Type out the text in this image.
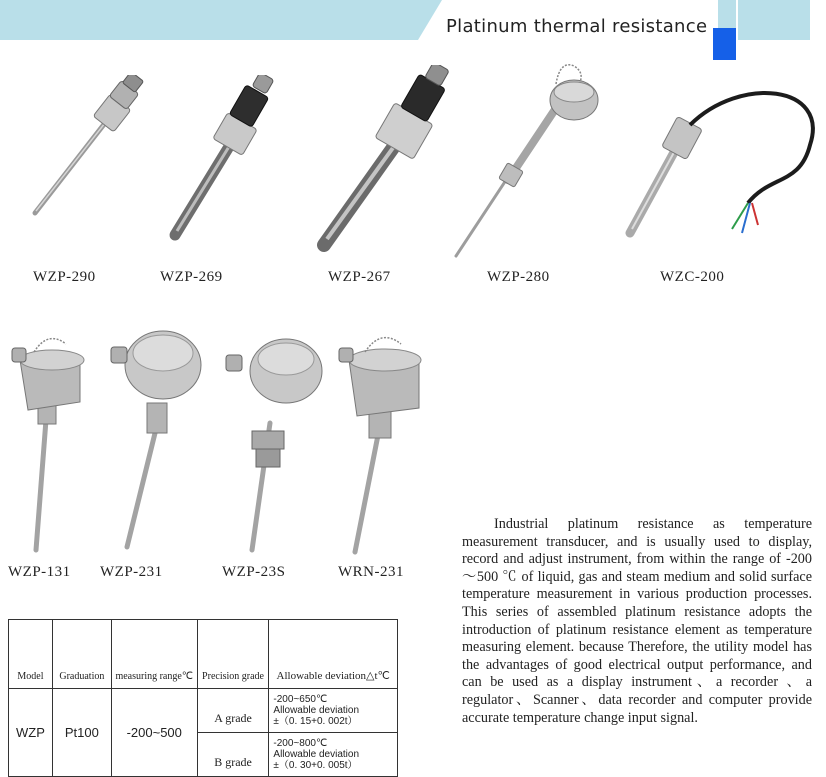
Platinum thermal resistance
WZP-290	WZP-269	WZP-267	WZP-280	WZC-200
WZP-131 WZP-231	WZP-23S	WRN-231
Industrial platinum resistance as temperature measurement transducer, and is usually used to display, record and adjust instrument, from within the range of -200～500 ℃ of liquid, gas and steam medium and solid surface temperature measurement in various production processes. This series of assembled platinum resistance adopts the introduction of platinum resistance element as temperature measuring element. because Therefore, the utility model has the advantages of good electrical output performance, and can be used as a display instrument、a recorder 、a regulator、Scanner、data recorder and computer provide accurate temperature change input signal.
Model	Graduation	measuring range℃	Precision grade	Allowable deviation△t℃
WZP	Pt100	-200~500	A grade	-200~650℃
Allowable deviation
±（0. 15+0. 002t）

			B grade	-200~800℃
Allowable deviation
±（0. 30+0. 005t）
